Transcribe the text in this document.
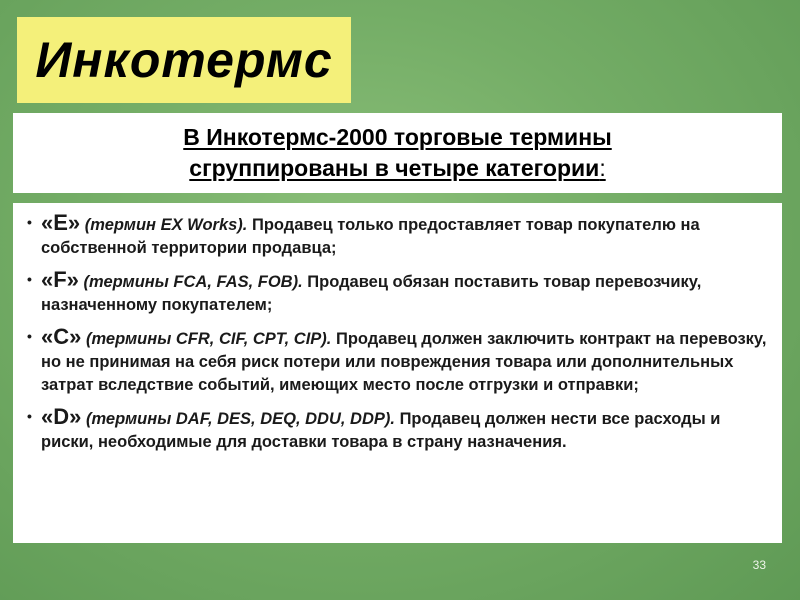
Инкотермс
В Инкотермс-2000 торговые термины
сгруппированы в четыре категории:
• «E» (термин EX Works). Продавец только предоставляет товар покупателю на собственной территории продавца;
• «F» (термины FCA, FAS, FOB). Продавец обязан поставить товар перевозчику, назначенному покупателем;
• «C» (термины CFR, CIF, CPT, CIP). Продавец должен заключить контракт на перевозку, но не принимая на себя риск потери или повреждения товара или дополнительных затрат вследствие событий, имеющих место после отгрузки и отправки;
• «D» (термины DAF, DES, DEQ, DDU, DDP). Продавец должен нести все расходы и риски, необходимые для доставки товара в страну назначения.
33
